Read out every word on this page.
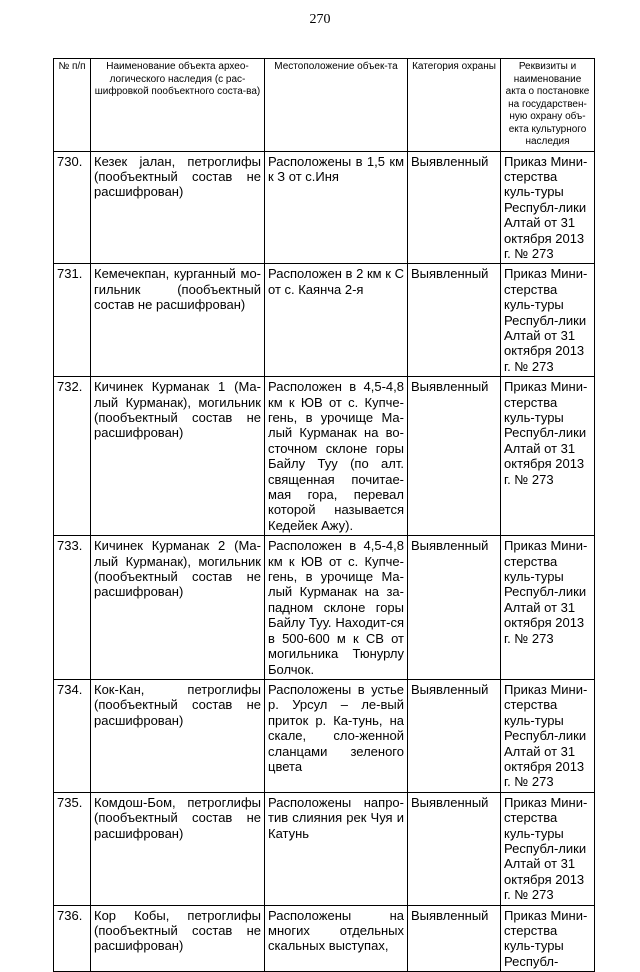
270
№ п/п	Наименование объекта архео-логического наследия (с рас-шифровкой пообъектного соста-ва)	Местоположение объек-та	Категория охраны	Реквизиты и наименование акта о постановке на государствен-ную охрану объ-екта культурного наследия
730.	Кезек jалан, петроглифы (пообъектный состав не расшифрован)	Расположены в 1,5 км к З от с.Иня	Выявленный	Приказ Мини-стерства куль-туры Республ-лики Алтай от 31 октября 2013 г. № 273
731.	Кемечекпан, курганный мо-гильник (пообъектный состав не расшифрован)	Расположен в 2 км к С от с. Каянча 2-я	Выявленный	Приказ Мини-стерства куль-туры Республ-лики Алтай от 31 октября 2013 г. № 273
732.	Кичинек Курманак 1 (Ма-лый Курманак), могильник (пообъектный состав не расшифрован)	Расположен в 4,5-4,8 км к ЮВ от с. Купче-гень, в урочище Ма-лый Курманак на во-сточном склоне горы Байлу Туу (по алт. священная почитае-мая гора, перевал которой называется Кедейек Ажу).	Выявленный	Приказ Мини-стерства куль-туры Республ-лики Алтай от 31 октября 2013 г. № 273
733.	Кичинек Курманак 2 (Ма-лый Курманак), могильник (пообъектный состав не расшифрован)	Расположен в 4,5-4,8 км к ЮВ от с. Купче-гень, в урочище Ма-лый Курманак на за-падном склоне горы Байлу Туу. Находит-ся в 500-600 м к СВ от могильника Тюнурлу Болчок.	Выявленный	Приказ Мини-стерства куль-туры Республ-лики Алтай от 31 октября 2013 г. № 273
734.	Кок-Кан, петроглифы (пообъектный состав не расшифрован)	Расположены в устье р. Урсул – ле-вый приток р. Ка-тунь, на скале, сло-женной сланцами зеленого цвета	Выявленный	Приказ Мини-стерства куль-туры Республ-лики Алтай от 31 октября 2013 г. № 273
735.	Комдош-Бом, петроглифы (пообъектный состав не расшифрован)	Расположены напро-тив слияния рек Чуя и Катунь	Выявленный	Приказ Мини-стерства куль-туры Республ-лики Алтай от 31 октября 2013 г. № 273
736.	Кор Кобы, петроглифы (пообъектный состав не расшифрован)	Расположены на многих отдельных скальных выступах,	Выявленный	Приказ Мини-стерства куль-туры Республ-
